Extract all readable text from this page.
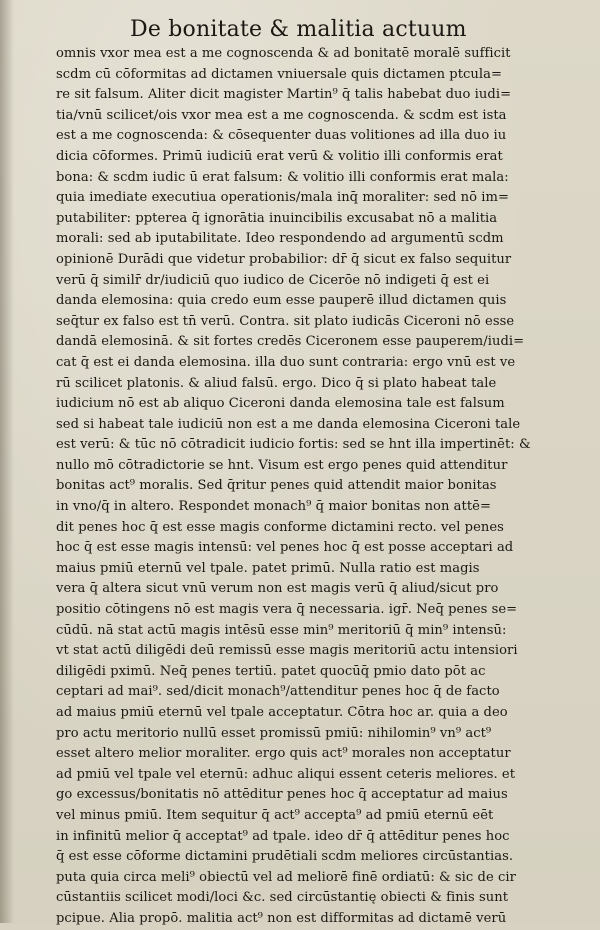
De bonitate & malitia actuum
omnis vxor mea est a me cognoscenda & ad bonitatē moralē sufficit
scdm cū cōformitas ad dictamen vniuersale quis dictamen ptcula=
re sit falsum. Aliter dicit magister Martin⁹ q̄ talis habebat duo iudi=
tia/vnū scilicet/ois vxor mea est a me cognoscenda. & scdm est ista
est a me cognoscenda: & cōsequenter duas volitiones ad illa duo iu
dicia cōformes. Primū iudiciū erat verū & volitio illi conformis erat
bona: & scdm iudic ū erat falsum: & volitio illi conformis erat mala:
quia imediate executiua operationis/mala inq̄ moraliter: sed nō im=
putabiliter: ppterea q̄ ignorātia inuincibilis excusabat nō a malitia
morali: sed ab iputabilitate. Ideo respondendo ad argumentū scdm
opinionē Durādi que videtur probabilior: dr̄ q̄ sicut ex falso sequitur
verū q̄ similr̄ dr/iudiciū quo iudico de Cicerōe nō indigeti q̄ est ei
danda elemosina: quia credo eum esse pauperē illud dictamen quis
seq̄tur ex falso est tn̄ verū. Contra. sit plato iudicās Ciceroni nō esse
dandā elemosinā. & sit fortes credēs Ciceronem esse pauperem/iudi=
cat q̄ est ei danda elemosina. illa duo sunt contraria: ergo vnū est ve
rū scilicet platonis. & aliud falsū. ergo. Dico q̄ si plato habeat tale
iudicium nō est ab aliquo Ciceroni danda elemosina tale est falsum
sed si habeat tale iudiciū non est a me danda elemosina Ciceroni tale
est verū: & tūc nō cōtradicit iudicio fortis: sed se hnt illa impertinēt: &
nullo mō cōtradictorie se hnt. Visum est ergo penes quid attenditur
bonitas act⁹ moralis. Sed q̄ritur penes quid attendit maior bonitas
in vno/q̄ in altero. Respondet monach⁹ q̄ maior bonitas non attē=
dit penes hoc q̄ est esse magis conforme dictamini recto. vel penes
hoc q̄ est esse magis intensū: vel penes hoc q̄ est posse acceptari ad
maius pmiū eternū vel tpale. patet primū. Nulla ratio est magis
vera q̄ altera sicut vnū verum non est magis verū q̄ aliud/sicut pro
positio cōtingens nō est magis vera q̄ necessaria. igr̄. Neq̄ penes se=
cūdū. nā stat actū magis intēsū esse min⁹ meritoriū q̄ min⁹ intensū:
vt stat actū diligēdi deū remissū esse magis meritoriū actu intensiori
diligēdi pximū. Neq̄ penes tertiū. patet quocūq̄ pmio dato pōt ac
ceptari ad mai⁹. sed/dicit monach⁹/attenditur penes hoc q̄ de facto
ad maius pmiū eternū vel tpale acceptatur. Cōtra hoc ar. quia a deo
pro actu meritorio nullū esset promissū pmiū: nihilomin⁹ vn⁹ act⁹
esset altero melior moraliter. ergo quis act⁹ morales non acceptatur
ad pmiū vel tpale vel eternū: adhuc aliqui essent ceteris meliores. et
go excessus/bonitatis nō attēditur penes hoc q̄ acceptatur ad maius
vel minus pmiū. Item sequitur q̄ act⁹ accepta⁹ ad pmiū eternū eēt
in infinitū melior q̄ acceptat⁹ ad tpale. ideo dr̄ q̄ attēditur penes hoc
q̄ est esse cōforme dictamini prudētiali scdm meliores circūstantias.
puta quia circa meli⁹ obiectū vel ad meliorē finē ordiatū: & sic de cir
cūstantiis scilicet modi/loci &c. sed circūstantię obiecti & finis sunt
pcipue. Alia propō. malitia act⁹ non est difformitas ad dictamē verū
